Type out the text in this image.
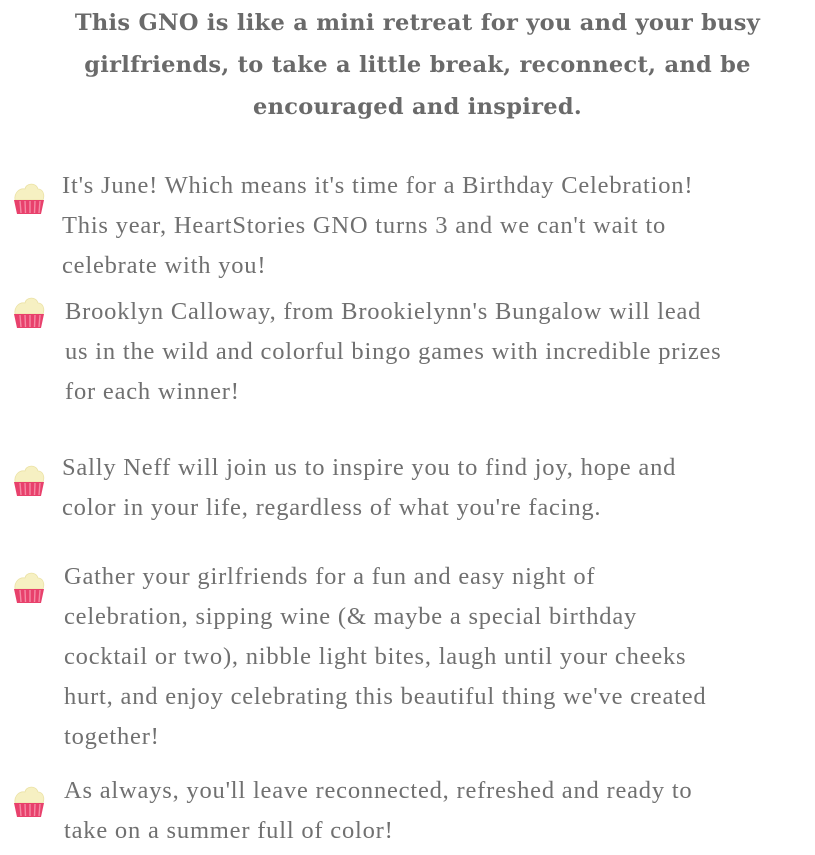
This GNO is like a mini retreat for you and your busy
girlfriends, to take a little break, reconnect, and be
encouraged and inspired.
It's June! Which means it's time for a Birthday Celebration!
This year, HeartStories GNO turns 3 and we can't wait to
celebrate with you!
Brooklyn Calloway, from Brookielynn's Bungalow will lead
us in the wild and colorful bingo games with incredible prizes
for each winner!
Sally Neff will join us to inspire you to find joy, hope and
color in your life, regardless of what you're facing.
Gather your girlfriends for a fun and easy night of
celebration, sipping wine (& maybe a special birthday
cocktail or two), nibble light bites, laugh until your cheeks
hurt, and enjoy celebrating this beautiful thing we've created
together!
As always, you'll leave reconnected, refreshed and ready to
take on a summer full of color!
